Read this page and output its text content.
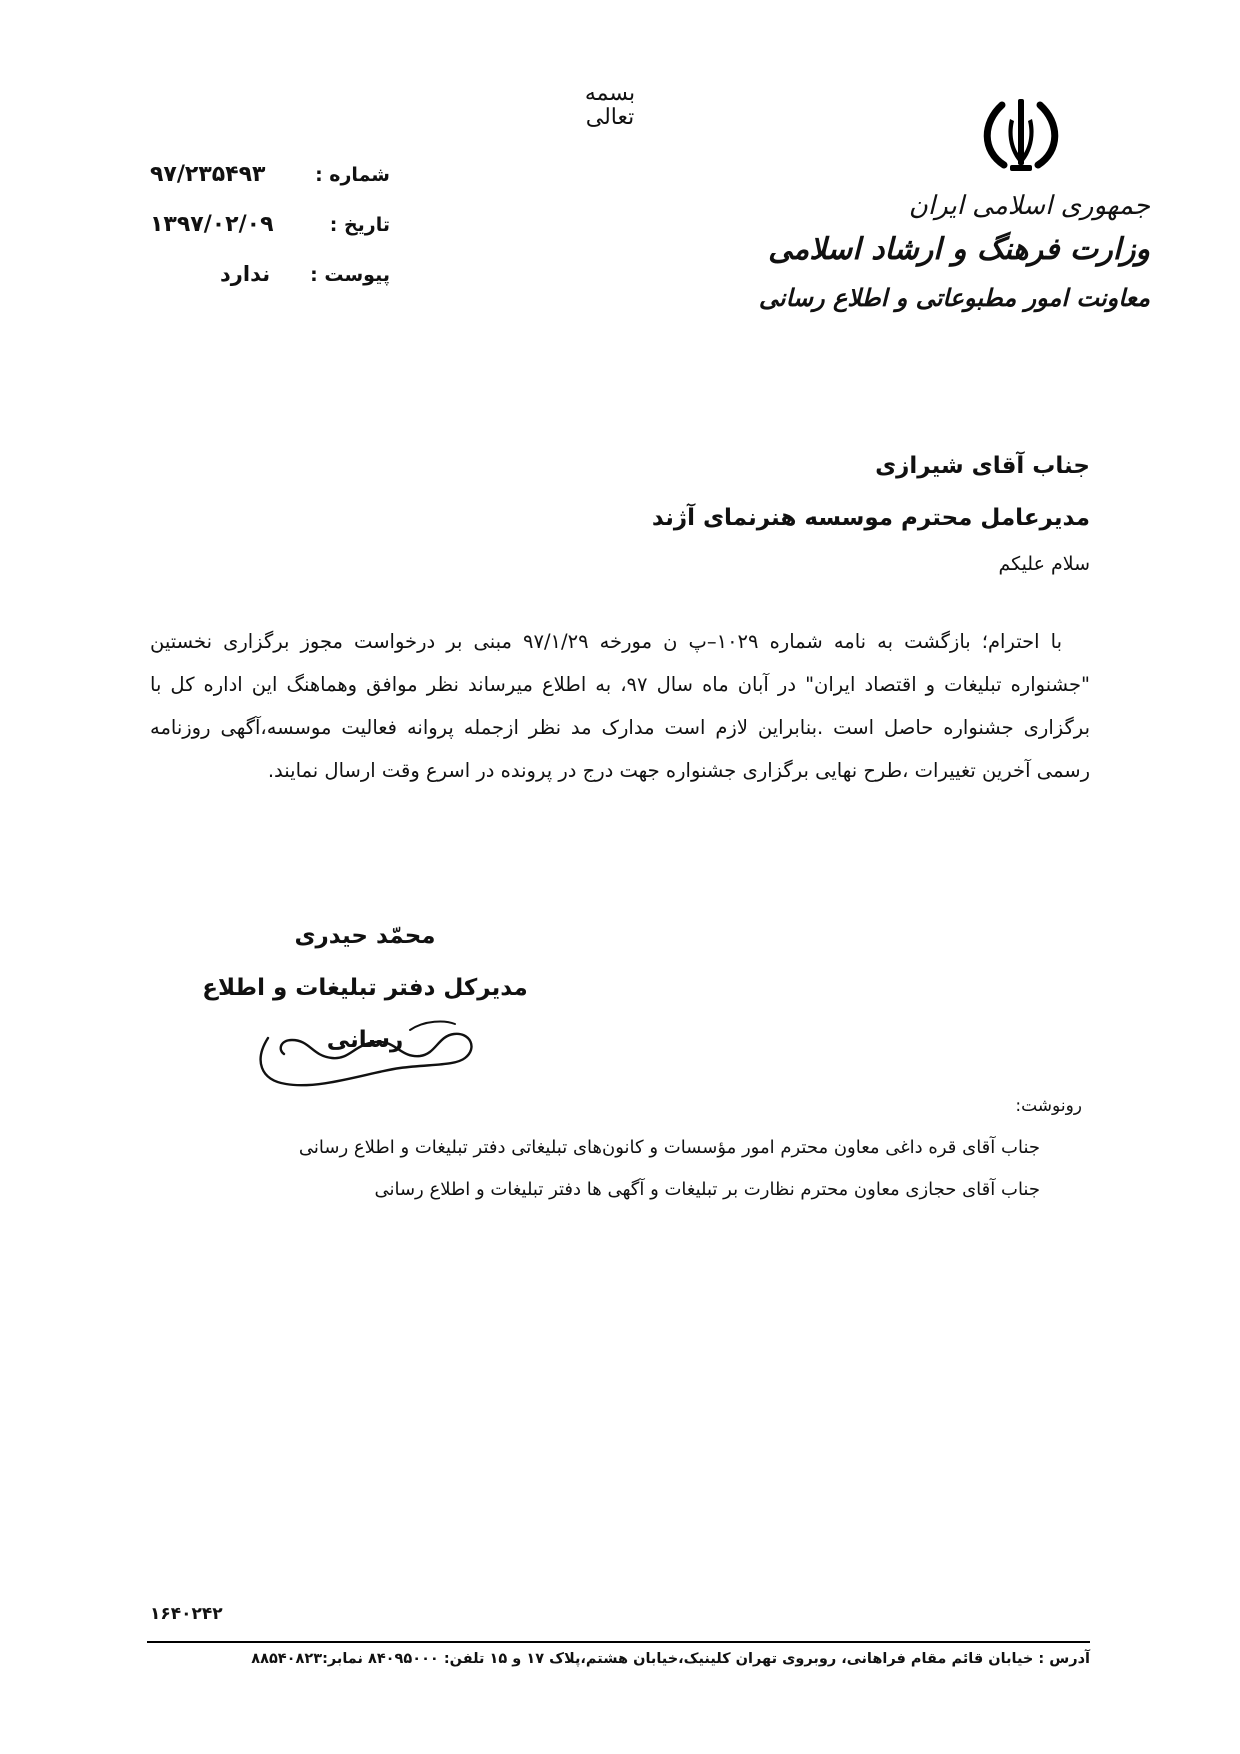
بسمه تعالی
جمهوری اسلامی ایران
وزارت فرهنگ و ارشاد اسلامی
معاونت امور مطبوعاتی و اطلاع رسانی
شماره :
۹۷/۲۳۵۴۹۳
تاریخ :
۱۳۹۷/۰۲/۰۹
پیوست :
ندارد
جناب آقای شیرازی
مدیرعامل محترم موسسه هنرنمای آژند
سلام علیکم
با احترام؛ بازگشت به نامه شماره ۱۰۲۹–پ ن مورخه ۹۷/۱/۲۹ مبنی بر درخواست مجوز برگزاری نخستین "جشنواره تبلیغات و اقتصاد ایران" در آبان ماه سال ۹۷، به اطلاع میرساند نظر موافق وهماهنگ این اداره کل با برگزاری جشنواره حاصل است .بنابراین لازم است مدارک مد نظر ازجمله پروانه فعالیت موسسه،آگهی روزنامه رسمی آخرین تغییرات ،طرح نهایی برگزاری جشنواره جهت درج در پرونده در اسرع وقت ارسال نمایند.
محمّد حیدری
مدیرکل دفتر تبلیغات و اطلاع رسانی
رونوشت:
جناب آقای قره داغی معاون محترم امور مؤسسات و کانون‌های تبلیغاتی دفتر تبلیغات و اطلاع رسانی
جناب آقای حجازی معاون محترم نظارت بر تبلیغات و آگهی ها دفتر تبلیغات و اطلاع رسانی
۱۶۴۰۲۴۲
آدرس : خیابان قائم مقام فراهانی، روبروی تهران کلینیک،خیابان هشتم،پلاک ۱۷ و ۱۵ تلفن: ۸۴۰۹۵۰۰۰ نمابر:۸۸۵۴۰۸۲۳
